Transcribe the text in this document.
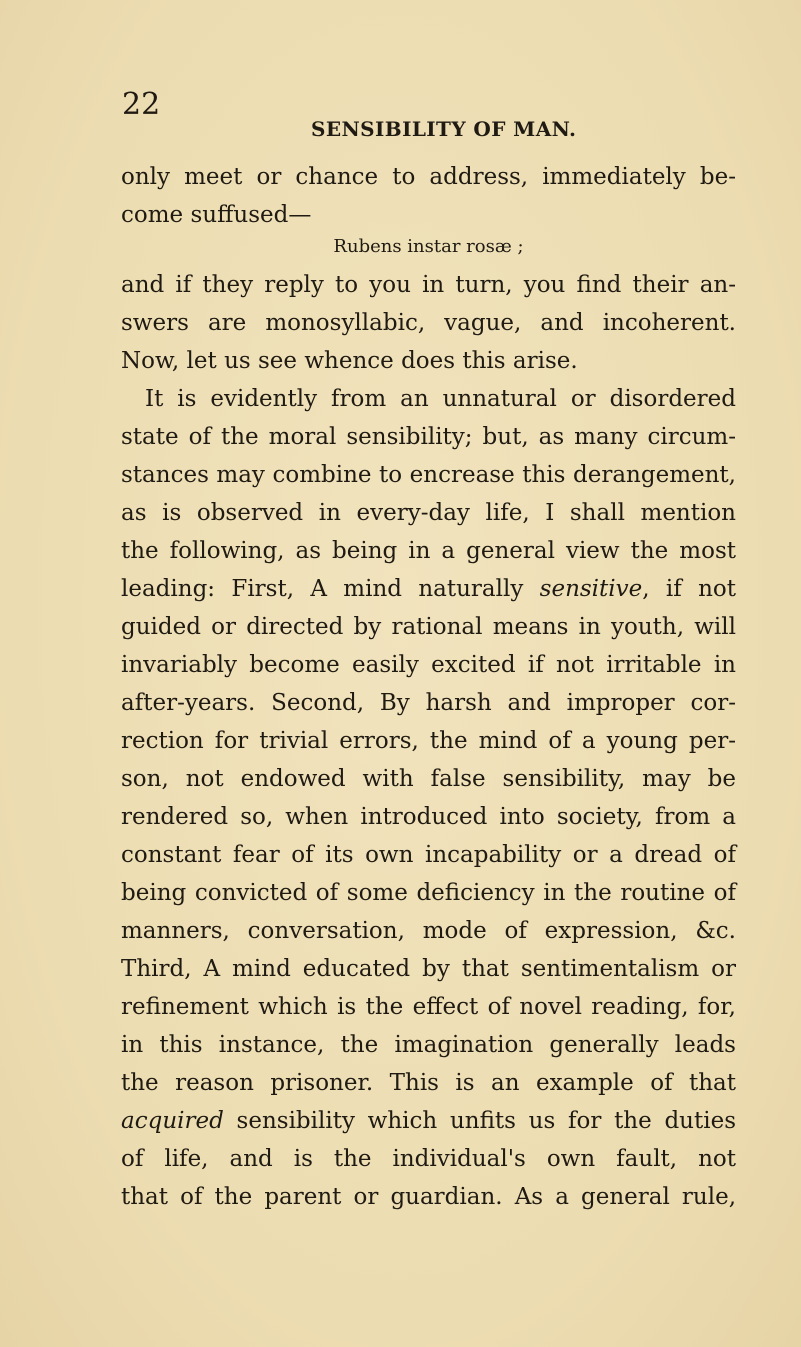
22
SENSIBILITY OF MAN.
only meet or chance to address, immediately be-
come suffused—
Rubens instar rosæ ;
and if they reply to you in turn, you find their an-
swers are monosyllabic, vague, and incoherent.
Now, let us see whence does this arise.
It is evidently from an unnatural or disordered
state of the moral sensibility; but, as many circum-
stances may combine to encrease this derangement,
as is observed in every-day life, I shall mention
the following, as being in a general view the most
leading: First, A mind naturally sensitive, if not
guided or directed by rational means in youth, will
invariably become easily excited if not irritable in
after-years. Second, By harsh and improper cor-
rection for trivial errors, the mind of a young per-
son, not endowed with false sensibility, may be
rendered so, when introduced into society, from a
constant fear of its own incapability or a dread of
being convicted of some deficiency in the routine of
manners, conversation, mode of expression, &c.
Third, A mind educated by that sentimentalism or
refinement which is the effect of novel reading, for,
in this instance, the imagination generally leads
the reason prisoner. This is an example of that
acquired sensibility which unfits us for the duties
of life, and is the individual's own fault, not
that of the parent or guardian. As a general rule,
